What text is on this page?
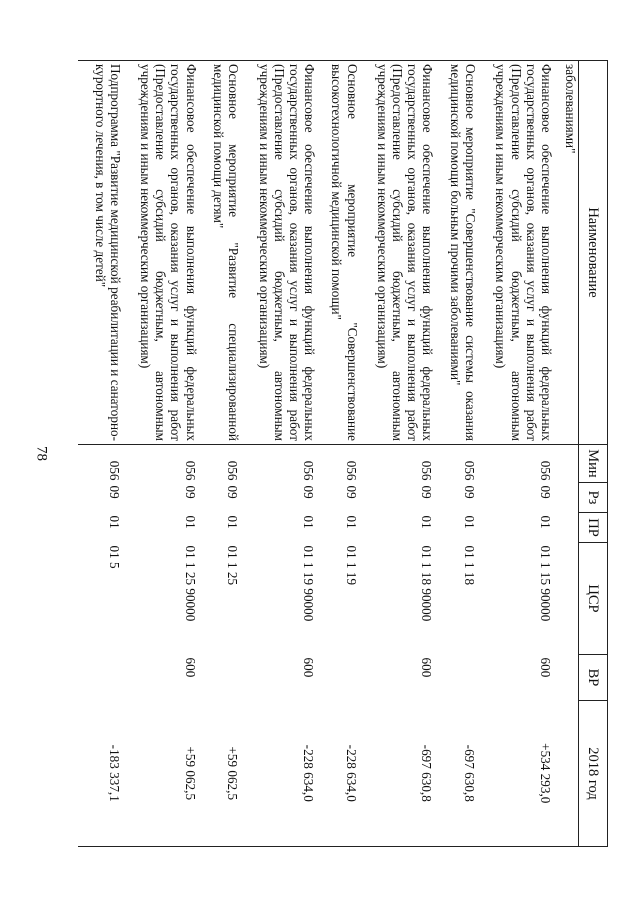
78
Наименование	Мин	Рз	ПР	ЦСР	ВР	2018 год
заболеваниями"						
Финансовое обеспечение выполнения функций федеральных государственных органов, оказания услуг и выполнения работ (Предоставление субсидий бюджетным, автономным учреждениям и иным некоммерческим организациям)	056	09	01	01 1 15 90000	600	+534 293,0
Основное мероприятие "Совершенствование системы оказания медицинской помощи больным прочими заболеваниями"	056	09	01	01 1 18		-697 630,8
Финансовое обеспечение выполнения функций федеральных государственных органов, оказания услуг и выполнения работ (Предоставление субсидий бюджетным, автономным учреждениям и иным некоммерческим организациям)	056	09	01	01 1 18 90000	600	-697 630,8
Основное мероприятие "Совершенствование высокотехнологичной медицинской помощи"	056	09	01	01 1 19		-228 634,0
Финансовое обеспечение выполнения функций федеральных государственных органов, оказания услуг и выполнения работ (Предоставление субсидий бюджетным, автономным учреждениям и иным некоммерческим организациям)	056	09	01	01 1 19 90000	600	-228 634,0
Основное мероприятие "Развитие специализированной медицинской помощи детям"	056	09	01	01 1 25		+59 062,5
Финансовое обеспечение выполнения функций федеральных государственных органов, оказания услуг и выполнения работ (Предоставление субсидий бюджетным, автономным учреждениям и иным некоммерческим организациям)	056	09	01	01 1 25 90000	600	+59 062,5
Подпрограмма "Развитие медицинской реабилитации и санаторно-курортного лечения, в том числе детей"	056	09	01	01 5		-183 337,1
